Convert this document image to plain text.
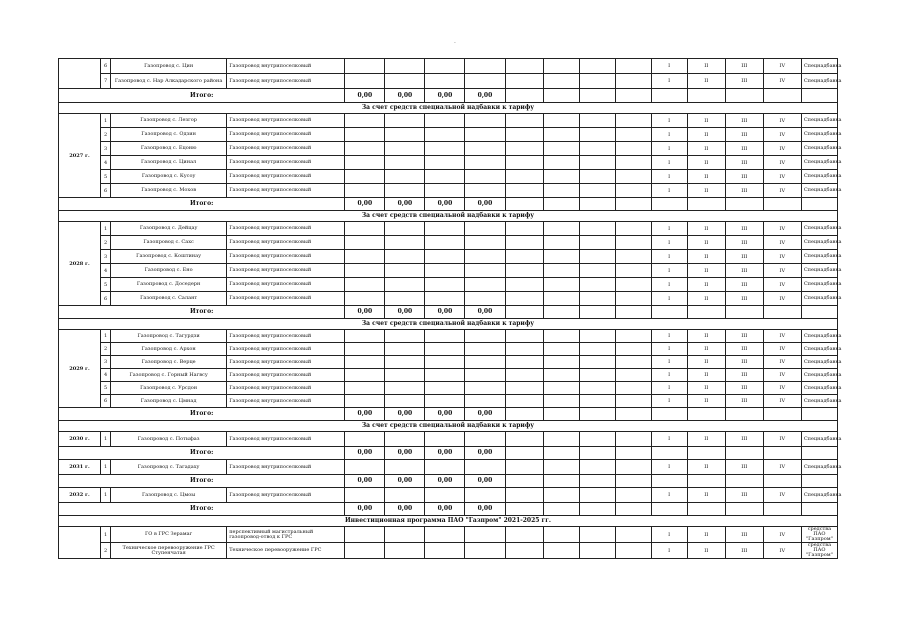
·
	6	Газопровод с. Цин	Газопровод внутрипоселковый									I	II	III	IV	Спецнадбавка
	7	Газопровод с. Нар Алкадарского района	Газопровод внутрипоселковый									I	II	III	IV	Спецнадбавка
Итого:				0,00	0,00	0,00	0,00									
За счет средств специальной надбавки к тарифу																
2027 г.	1	Газопровод с. Лезгор	Газопровод внутрипоселковый									I	II	III	IV	Спецнадбавка
	2	Газопровод с. Одзин	Газопровод внутрипоселковый									I	II	III	IV	Спецнадбавка
	3	Газопровод с. Ецоню	Газопровод внутрипоселковый									I	II	III	IV	Спецнадбавка
	4	Газопровод с. Цинал	Газопровод внутрипоселковый									I	II	III	IV	Спецнадбавка
	5	Газопровод с. Кусоу	Газопровод внутрипоселковый									I	II	III	IV	Спецнадбавка
	6	Газопровод с. Мохов	Газопровод внутрипоселковый									I	II	III	IV	Спецнадбавка
Итого:				0,00	0,00	0,00	0,00									
За счет средств специальной надбавки к тарифу																
2028 г.	1	Газопровод с. Дейцау	Газопровод внутрипоселковый									I	II	III	IV	Спецнадбавка
	2	Газопровод с. Сахс	Газопровод внутрипоселковый									I	II	III	IV	Спецнадбавка
	3	Газопровод с. Коштинау	Газопровод внутрипоселковый									I	II	III	IV	Спецнадбавка
	4	Газопровод с. Ено	Газопровод внутрипоселковый									I	II	III	IV	Спецнадбавка
	5	Газопровод с. Доседерн	Газопровод внутрипоселковый									I	II	III	IV	Спецнадбавка
	6	Газопровод с. Салант	Газопровод внутрипоселковый									I	II	III	IV	Спецнадбавка
Итого:				0,00	0,00	0,00	0,00									
За счет средств специальной надбавки к тарифу																
2029 г.	1	Газопровод с. Тагурдзи	Газопровод внутрипоселковый									I	II	III	IV	Спецнадбавка
	2	Газопровод с. Архон	Газопровод внутрипоселковый									I	II	III	IV	Спецнадбавка
	3	Газопровод с. Верце	Газопровод внутрипоселковый									I	II	III	IV	Спецнадбавка
	4	Газопровод с. Горный Нагвсу	Газопровод внутрипоселковый									I	II	III	IV	Спецнадбавка
	5	Газопровод с. Урсдон	Газопровод внутрипоселковый									I	II	III	IV	Спецнадбавка
	6	Газопровод с. Цмнад	Газопровод внутрипоселковый									I	II	III	IV	Спецнадбавка
Итого:				0,00	0,00	0,00	0,00									
За счет средств специальной надбавки к тарифу																
2030 г.	1	Газопровод с. Потыфаз	Газопровод внутрипоселковый									I	II	III	IV	Спецнадбавка
Итого:				0,00	0,00	0,00	0,00									
2031 г.	1	Газопровод с. Тагадаху	Газопровод внутрипоселковый									I	II	III	IV	Спецнадбавка
Итого:				0,00	0,00	0,00	0,00									
2032 г.	1	Газопровод с. Цмоы	Газопровод внутрипоселковый									I	II	III	IV	Спецнадбавка
Итого:				0,00	0,00	0,00	0,00									
Инвестиционная программа ПАО "Газпром" 2021-2025 гг.																
	1	ГО в ГРС Зерамаг	перспективный магистральный газопровод-отвод к ГРС									I	II	III	IV	средства ПАО "Газпром"
	2	Техническое перевооружение ГРС Ступенчатая	Техническое перевооружение ГРС									I	II	III	IV	средства ПАО "Газпром"
